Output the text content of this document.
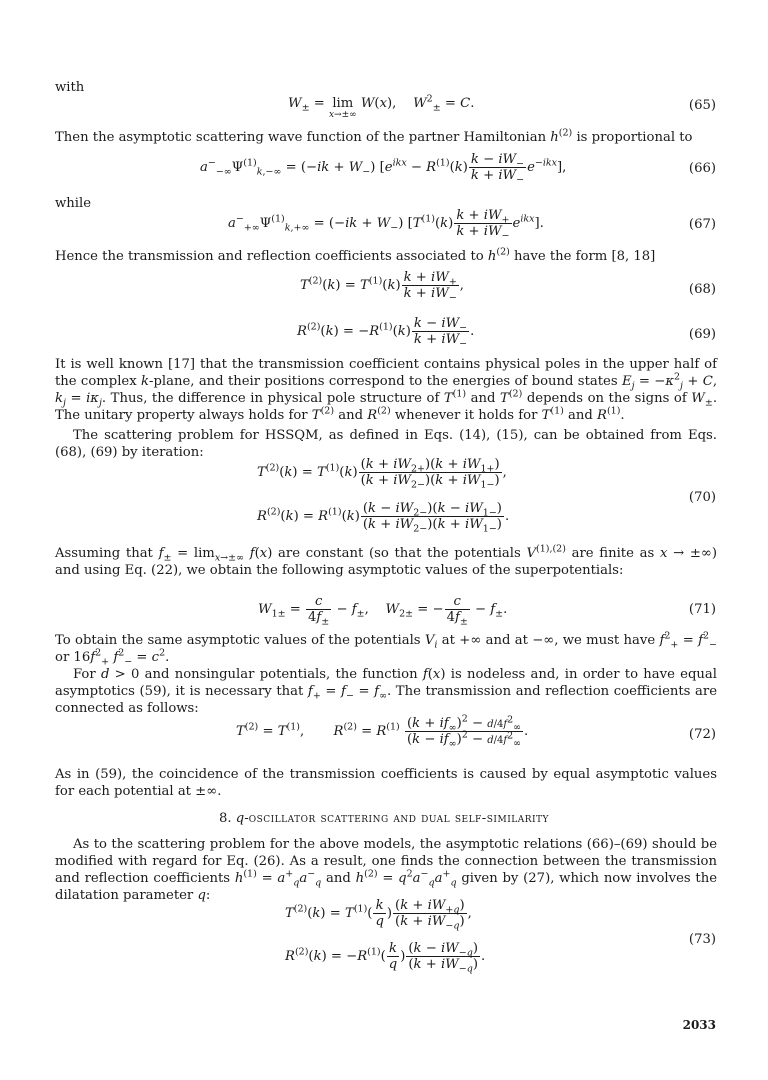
with
$W_\pm = \lim$
x→±∞
W(x),    $W^2_\pm = C$.	(65)
Then the asymptotic scattering wave function of the partner Hamiltonian $h^{(2)}$ is proportional to
$a^-_{-\infty}\Psi^{(1)}_{k,-\infty} = (-ik + W_-) [e^{ikx} - R^{(1)}(k) \frac{k - iW_-}{k + iW_-} e^{-ikx}]$,	(66)
while
$a^-_{+\infty}\Psi^{(1)}_{k,+\infty} = (-ik + W_-)$ $[T^{(1)}(k) \frac{k + iW_+}{k + iW_-} e^{ikx}]$.	(67)
Hence the transmission and reflection coefficients associated to $h^{(2)}$ have the form [8, 18]
$T^{(2)}(k) = T^{(1)}(k) \frac{k + iW_+}{k + iW_-}$ ,	(68)
$R^{(2)}(k) = -R^{(1)}(k) \frac{k - iW_-}{k + iW_-}$ .	(69)
It is well known [17] that the transmission coefficient contains physical poles in the upper half of the complex k-plane, and their positions correspond to the energies of bound states $E_j = -\kappa^2_j + C$, $k_j = i\kappa_j$. Thus, the difference in physical pole structure of $T^{(1)}$ and $T^{(2)}$ depends on the signs of $W_\pm$. The unitary property always holds for $T^{(2)}$ and $R^{(2)}$ whenever it holds for $T^{(1)}$ and $R^{(1)}$.
The scattering problem for HSSQM, as defined in Eqs. (14), (15), can be obtained from Eqs. (68), (69) by iteration:
$T^{(2)}(k) = T^{(1)}(k) \frac{(k + iW_{2+})(k + iW_{1+})}{(k + iW_{2-})(k + iW_{1-})}$ ,
$R^{(2)}(k) = R^{(1)}(k) \frac{(k - iW_{2-})(k - iW_{1-})}{(k + iW_{2-})(k + iW_{1-})}$ .
(70)
Assuming that $f_\pm = \lim_{x\to\pm\infty} f(x)$ are constant (so that the potentials $V^{(1),(2)}$ are finite as x → ±∞) and using Eq. (22), we obtain the following asymptotic values of the superpotentials:
$W_{1\pm} = \frac{c}{4f_\pm} - f_\pm$,    $W_{2\pm}$ = − $\frac{c}{4f_\pm} - f_\pm$.	(71)
To obtain the same asymptotic values of the potentials $V_i$ at +∞ and at −∞, we must have $f^2_+ = f^2_-$ or $16f^2_+$ $f^2_- = c^2$.
For d > 0 and nonsingular potentials, the function f(x) is nodeless and, in order to have equal asymptotics (59), it is necessary that $f_+ = f_- = f_\infty$. The transmission and reflection coefficients are connected as follows:
$T^{(2)} = T^{(1)}$,       $R^{(2)} = R^{(1)} \frac{(k + if_\infty)^2 - d/4f^2_\infty}{(k - if_\infty)^2 - d/4f^2_\infty}$ .	(72)
As in (59), the coincidence of the transmission coefficients is caused by equal asymptotic values for each potential at ±∞.
8. q-oscillator scattering and dual self-similarity
As to the scattering problem for the above models, the asymptotic relations (66)–(69) should be modified with regard for Eq. (26). As a result, one finds the connection between the transmission and reflection coefficients $h^{(1)} = a^+_qa^-_q$ and $h^{(2)} = q^2a^-_qa^+_q$ given by (27), which now involves the dilatation parameter q:
$T^{(2)}(k) = T^{(1)}( \frac{k}{q}$ ) $\frac{(k + iW_{+q})}{(k + iW_{-q})}$ ,
$R^{(2)}(k) = -R^{(1)}( \frac{k}{q}$ ) $\frac{(k - iW_{-q})}{(k + iW_{-q})}$ .
(73)
2033
